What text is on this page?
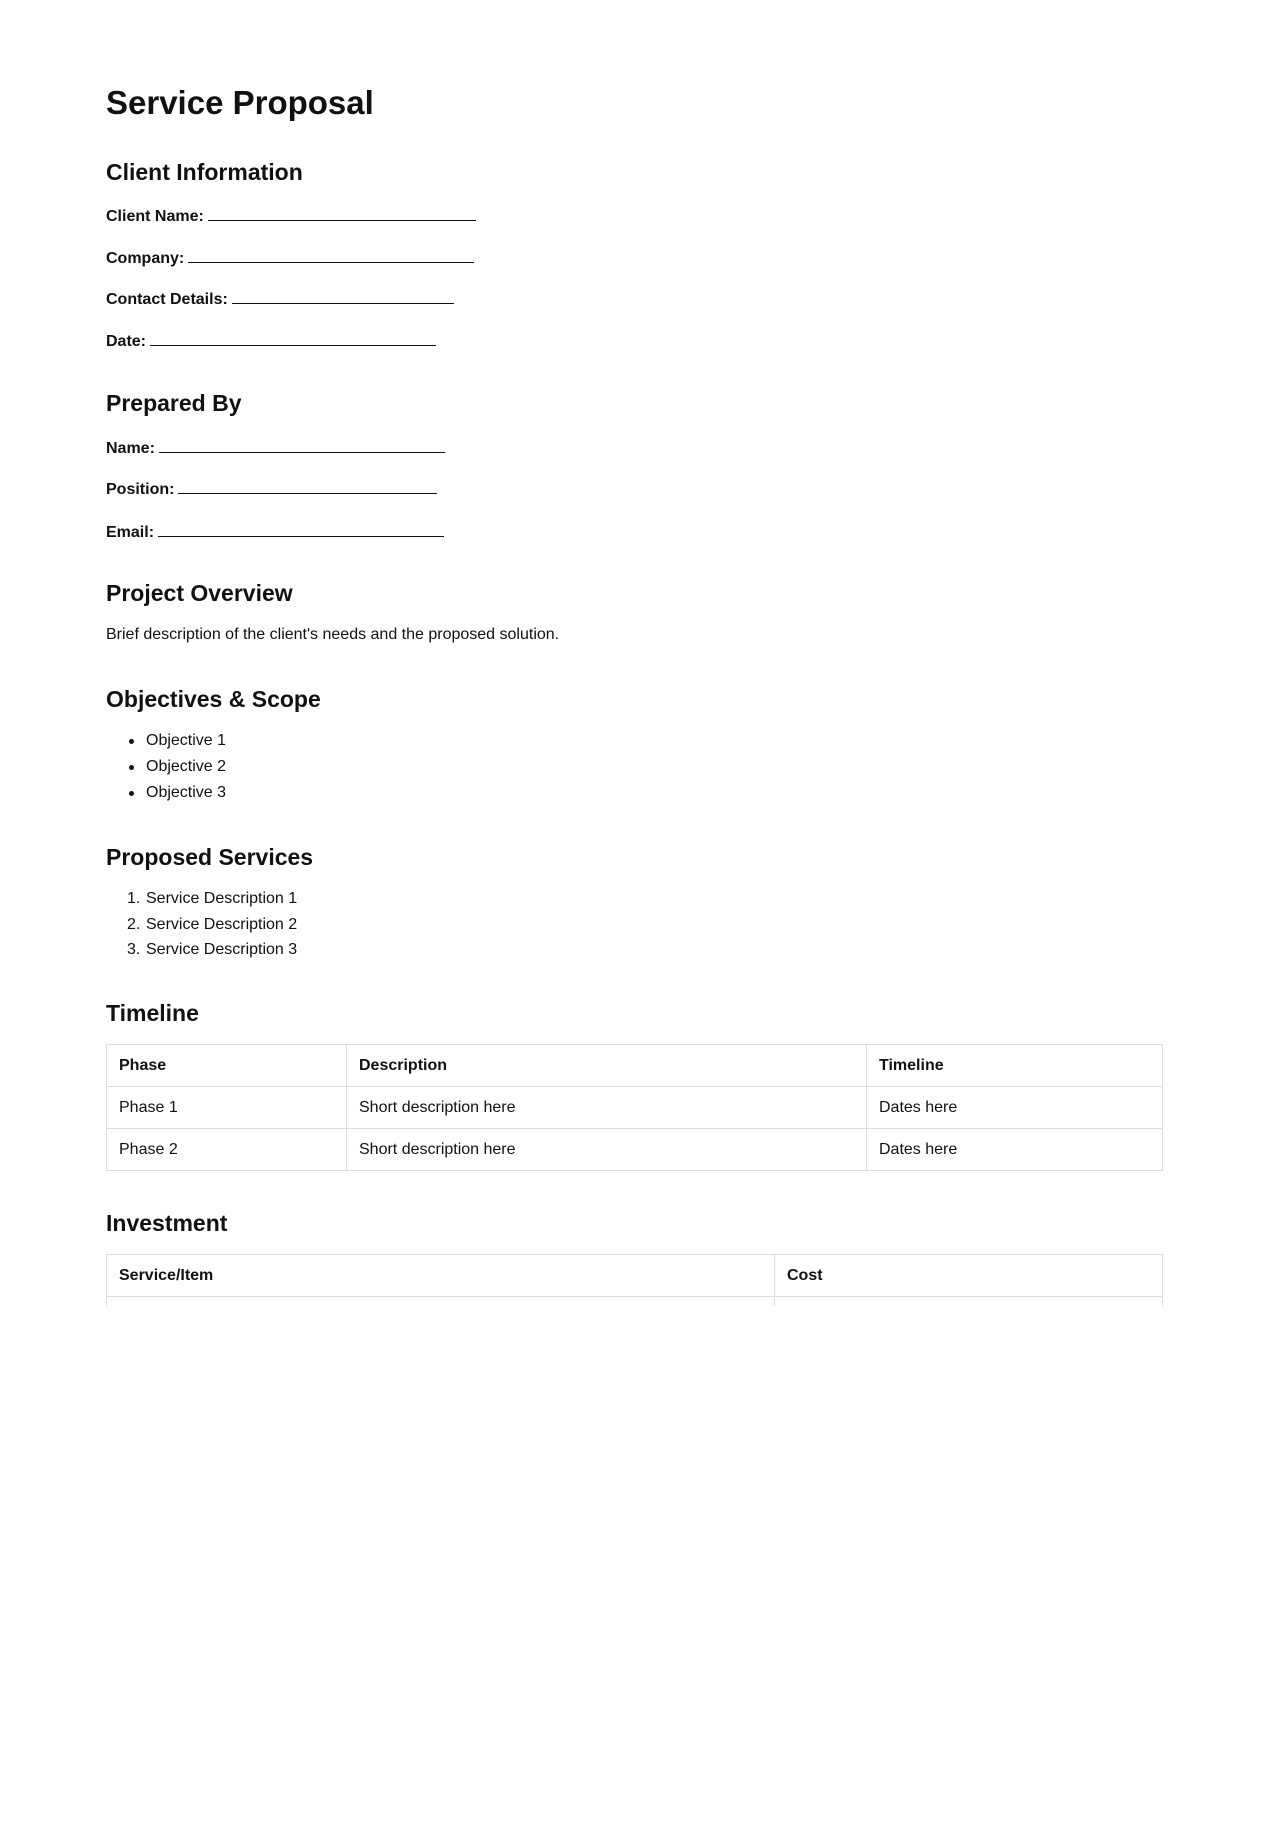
Service Proposal
Client Information
Client Name:
Company:
Contact Details:
Date:
Prepared By
Name:
Position:
Email:
Project Overview
Brief description of the client's needs and the proposed solution.
Objectives & Scope
Objective 1
Objective 2
Objective 3
Proposed Services
1. Service Description 1
2. Service Description 2
3. Service Description 3
Timeline
Phase	Description	Timeline
Phase 1	Short description here	Dates here
Phase 2	Short description here	Dates here
Investment
Service/Item	Cost
